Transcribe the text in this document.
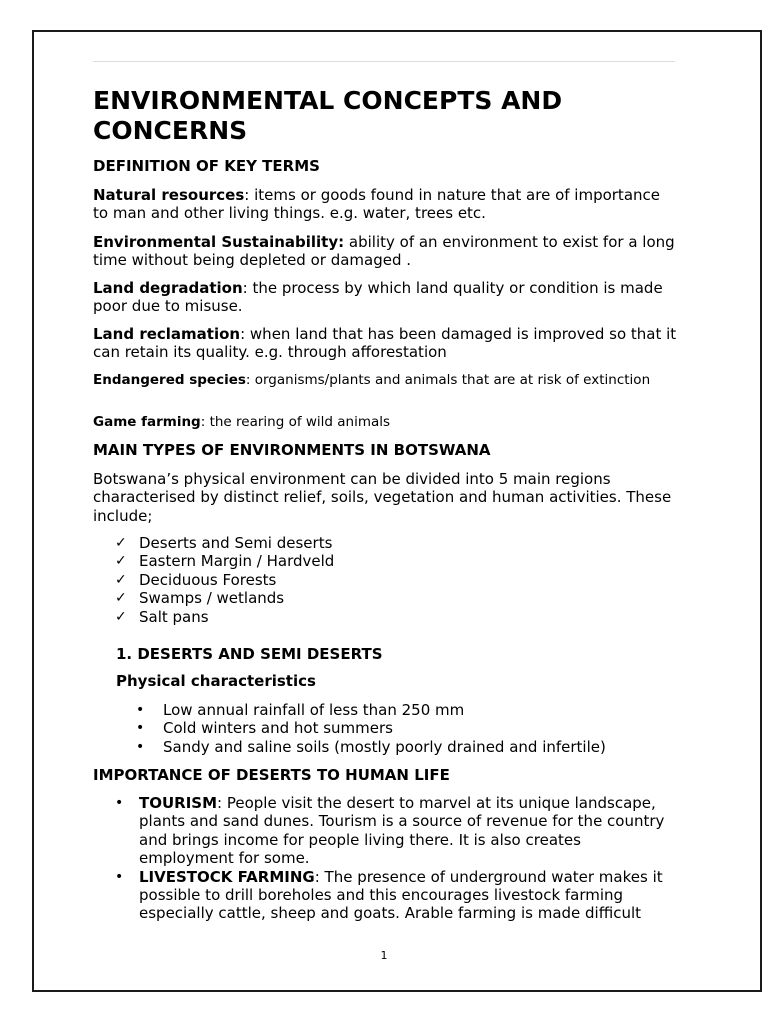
ENVIRONMENTAL CONCEPTS AND CONCERNS
DEFINITION OF KEY TERMS

Natural resources: items or goods found in nature that are of importance to man and other living things. e.g. water, trees etc.

Environmental Sustainability: ability of an environment to exist for a long time without being depleted or damaged .

Land degradation: the process by which land quality or condition is made poor due to misuse.

Land reclamation: when land that has been damaged is improved so that it can retain its quality. e.g. through afforestation

Endangered species: organisms/plants and animals that are at risk of extinction

Game farming: the rearing of wild animals

MAIN TYPES OF ENVIRONMENTS IN BOTSWANA

Botswana’s physical environment can be divided into 5 main regions characterised by distinct relief, soils, vegetation and human activities. These include;

✓ Deserts and Semi deserts
✓ Eastern Margin / Hardveld
✓ Deciduous Forests
✓ Swamps / wetlands
✓ Salt pans
1. DESERTS AND SEMI DESERTS
Physical characteristics
• Low annual rainfall of less than 250 mm
• Cold winters and hot summers
• Sandy and saline soils (mostly poorly drained and infertile)
IMPORTANCE OF DESERTS TO HUMAN LIFE
• TOURISM: People visit the desert to marvel at its unique landscape, plants and sand dunes. Tourism is a source of revenue for the country and brings income for people living there. It is also creates employment for some.
• LIVESTOCK FARMING: The presence of underground water makes it possible to drill boreholes and this encourages livestock farming especially cattle, sheep and goats. Arable farming is made difficult
1
